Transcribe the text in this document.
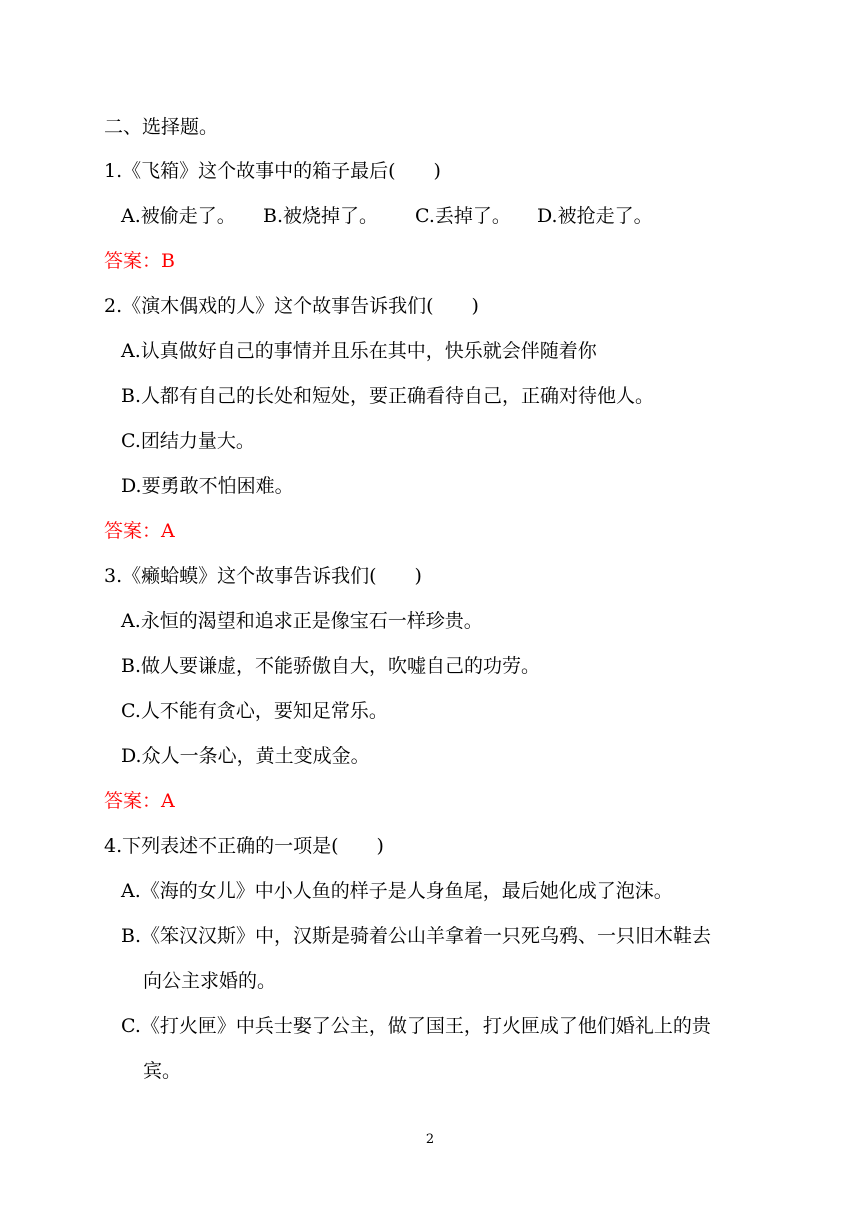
二、选择题。
1.《飞箱》这个故事中的箱子最后(　　)
A.被偷走了。 B.被烧掉了。 C.丢掉了。 D.被抢走了。
答案：B
2.《演木偶戏的人》这个故事告诉我们(　　)
A.认真做好自己的事情并且乐在其中，快乐就会伴随着你
B.人都有自己的长处和短处，要正确看待自己，正确对待他人。
C.团结力量大。
D.要勇敢不怕困难。
答案：A
3.《癞蛤蟆》这个故事告诉我们(　　)
A.永恒的渴望和追求正是像宝石一样珍贵。
B.做人要谦虚，不能骄傲自大，吹嘘自己的功劳。
C.人不能有贪心，要知足常乐。
D.众人一条心，黄土变成金。
答案：A
4.下列表述不正确的一项是(　　)
A.《海的女儿》中小人鱼的样子是人身鱼尾，最后她化成了泡沫。
B.《笨汉汉斯》中，汉斯是骑着公山羊拿着一只死乌鸦、一只旧木鞋去
向公主求婚的。
C.《打火匣》中兵士娶了公主，做了国王，打火匣成了他们婚礼上的贵
宾。
2
